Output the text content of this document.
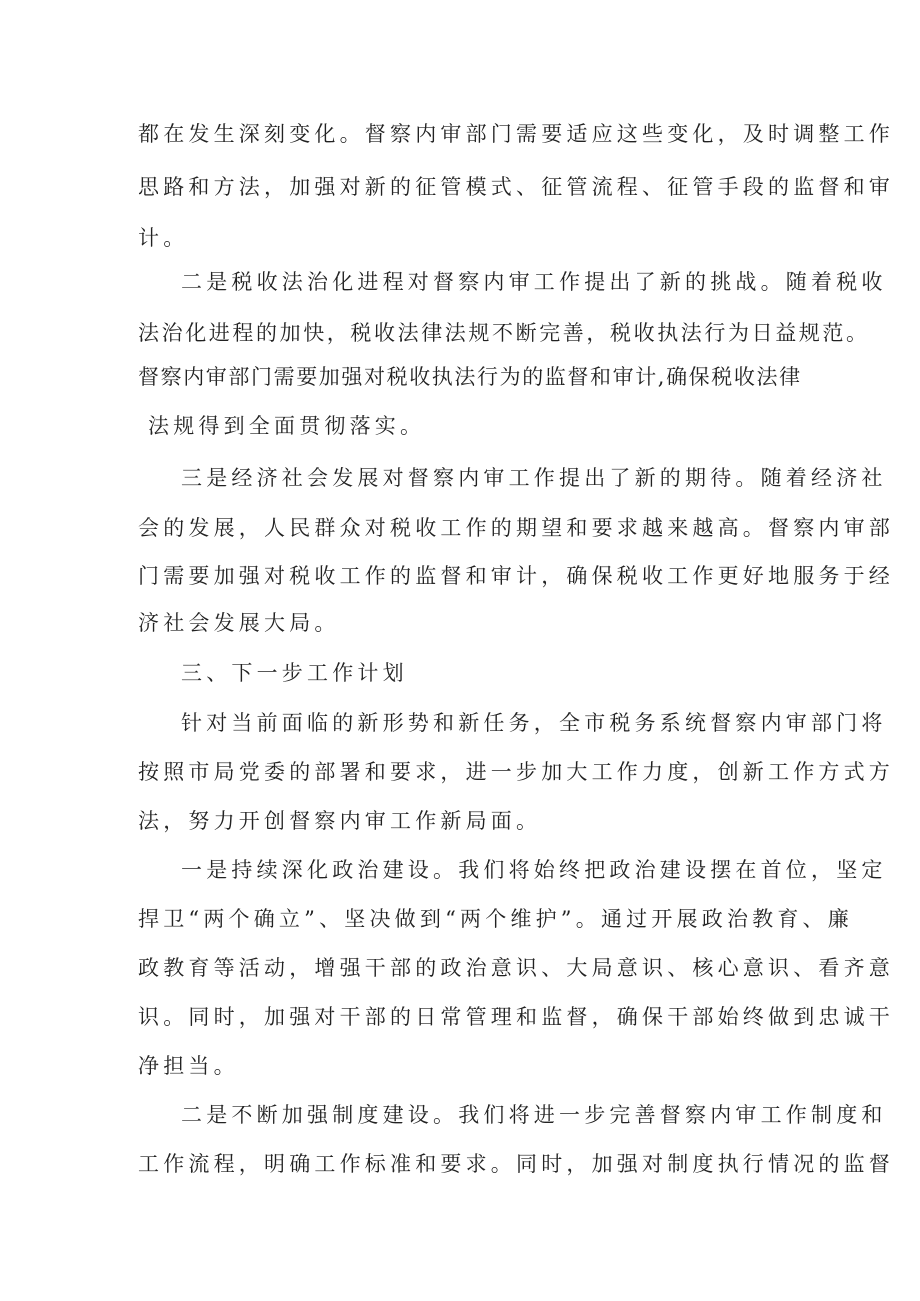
都在发生深刻变化。督察内审部门需要适应这些变化，及时调整工作
思路和方法，加强对新的征管模式、征管流程、征管手段的监督和审
计。
二是税收法治化进程对督察内审工作提出了新的挑战。随着税收
法治化进程的加快，税收法律法规不断完善，税收执法行为日益规范。
督察内审部门需要加强对税收执法行为的监督和审计,确保税收法律
法规得到全面贯彻落实。
三是经济社会发展对督察内审工作提出了新的期待。随着经济社
会的发展，人民群众对税收工作的期望和要求越来越高。督察内审部
门需要加强对税收工作的监督和审计，确保税收工作更好地服务于经
济社会发展大局。
三、下一步工作计划
针对当前面临的新形势和新任务，全市税务系统督察内审部门将
按照市局党委的部署和要求，进一步加大工作力度，创新工作方式方
法，努力开创督察内审工作新局面。
一是持续深化政治建设。我们将始终把政治建设摆在首位，坚定
捍卫“两个确立”、坚决做到“两个维护”。通过开展政治教育、廉
政教育等活动，增强干部的政治意识、大局意识、核心意识、看齐意
识。同时，加强对干部的日常管理和监督，确保干部始终做到忠诚干
净担当。
二是不断加强制度建设。我们将进一步完善督察内审工作制度和
工作流程，明确工作标准和要求。同时，加强对制度执行情况的监督
